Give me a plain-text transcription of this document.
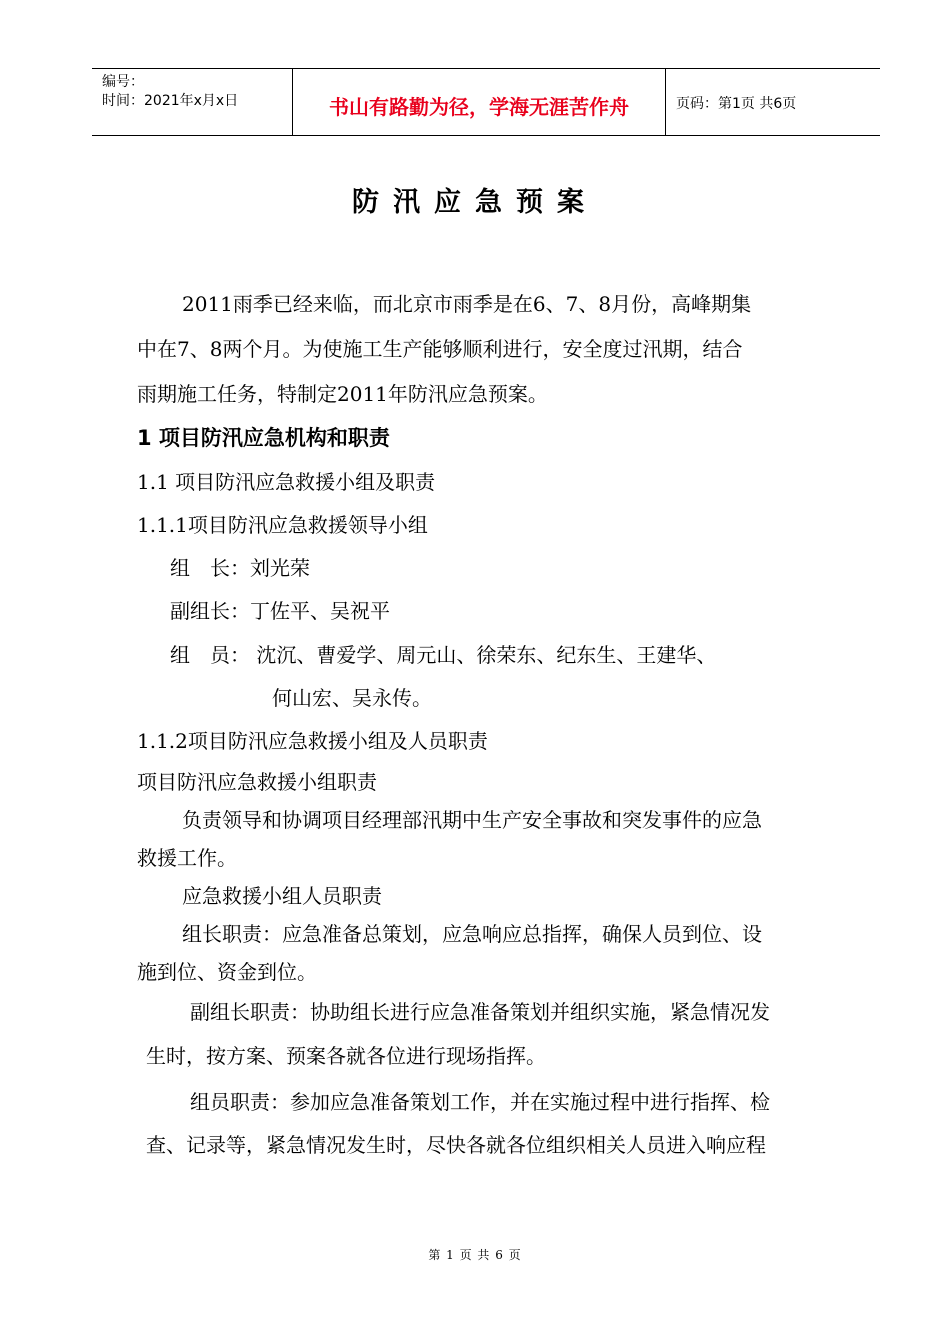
编号：
时间：2021年x月x日	书山有路勤为径，学海无涯苦作舟	页码：第1页 共6页
防汛应急预案
2011雨季已经来临，而北京市雨季是在6、7、8月份，高峰期集
中在7、8两个月。为使施工生产能够顺利进行，安全度过汛期，结合
雨期施工任务，特制定2011年防汛应急预案。
1 项目防汛应急机构和职责
1.1 项目防汛应急救援小组及职责
1.1.1项目防汛应急救援领导小组
组　长：刘光荣
副组长：丁佐平、吴祝平
组　员： 沈沉、曹爱学、周元山、徐荣东、纪东生、王建华、
何山宏、吴永传。
1.1.2项目防汛应急救援小组及人员职责
项目防汛应急救援小组职责
负责领导和协调项目经理部汛期中生产安全事故和突发事件的应急
救援工作。
应急救援小组人员职责
组长职责：应急准备总策划，应急响应总指挥，确保人员到位、设
施到位、资金到位。
副组长职责：协助组长进行应急准备策划并组织实施，紧急情况发
生时，按方案、预案各就各位进行现场指挥。
组员职责：参加应急准备策划工作，并在实施过程中进行指挥、检
查、记录等，紧急情况发生时，尽快各就各位组织相关人员进入响应程
第 1 页 共 6 页
